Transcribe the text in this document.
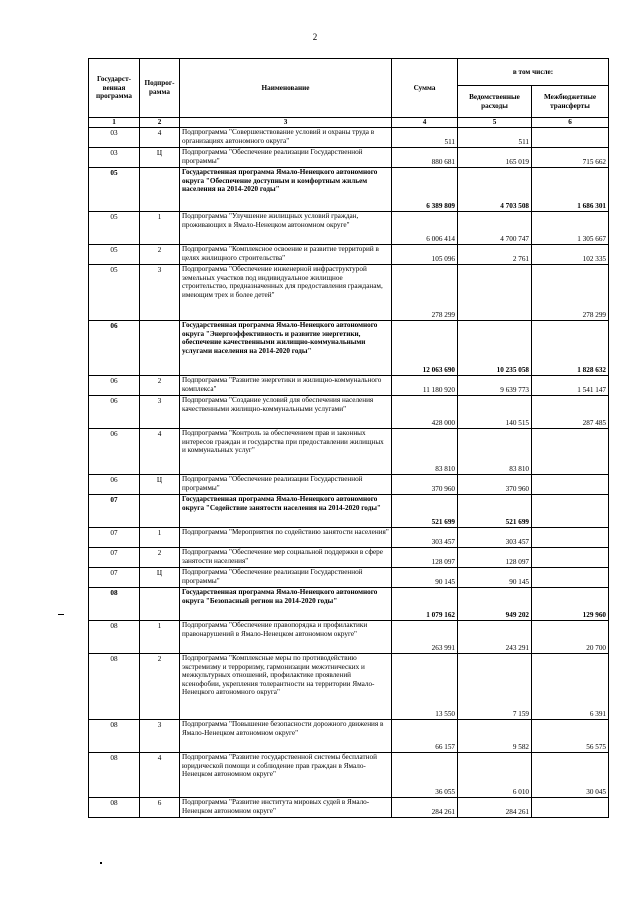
2
Государст-венная программа	Подпрог-рамма	Наименование	Сумма	в том числе:	
				Ведомственные расходы	Межбюджетные трансферты
1	2	3	4	5	6
03	4	Подпрограмма "Совершенствование условий и охраны труда в организациях автономного округа"	511	511	
03	Ц	Подпрограмма "Обеспечение реализации Государственной программы"	880 681	165 019	715 662
05		Государственная программа Ямало-Ненецкого автономного округа "Обеспечение доступным и комфортным жильем населения на 2014-2020 годы"	6 389 809	4 703 508	1 686 301
05	1	Подпрограмма "Улучшение жилищных условий граждан, проживающих в Ямало-Ненецком автономном округе"	6 006 414	4 700 747	1 305 667
05	2	Подпрограмма "Комплексное освоение и развитие территорий в целях жилищного строительства"	105 096	2 761	102 335
05	3	Подпрограмма "Обеспечение инженерной инфраструктурой земельных участков под индивидуальное жилищное строительство, предназначенных для предоставления гражданам, имеющим трех и более детей"	278 299		278 299
06		Государственная программа Ямало-Ненецкого автономного округа "Энергоэффективность и развитие энергетики, обеспечение качественными жилищно-коммунальными услугами населения на 2014-2020 годы"	12 063 690	10 235 058	1 828 632
06	2	Подпрограмма "Развитие энергетики и жилищно-коммунального комплекса"	11 180 920	9 639 773	1 541 147
06	3	Подпрограмма "Создание условий для обеспечения населения качественными жилищно-коммунальными услугами"	428 000	140 515	287 485
06	4	Подпрограмма "Контроль за обеспечением прав и законных интересов граждан и государства при предоставлении жилищных и коммунальных услуг"	83 810	83 810	
06	Ц	Подпрограмма "Обеспечение реализации Государственной программы"	370 960	370 960	
07		Государственная программа Ямало-Ненецкого автономного округа "Содействие занятости населения на 2014-2020 годы"	521 699	521 699	
07	1	Подпрограмма "Мероприятия по содействию занятости населения"	303 457	303 457	
07	2	Подпрограмма "Обеспечение мер социальной поддержки в сфере занятости населения"	128 097	128 097	
07	Ц	Подпрограмма "Обеспечение реализации Государственной программы"	90 145	90 145	
08		Государственная программа Ямало-Ненецкого автономного округа "Безопасный регион на 2014-2020 годы"	1 079 162	949 202	129 960
08	1	Подпрограмма "Обеспечение правопорядка и профилактики правонарушений в Ямало-Ненецком автономном округе"	263 991	243 291	20 700
08	2	Подпрограмма "Комплексные меры по противодействию экстремизму и терроризму, гармонизации межэтнических и межкультурных отношений, профилактике проявлений ксенофобии, укрепления толерантности на территории Ямало-Ненецкого автономного округа"	13 550	7 159	6 391
08	3	Подпрограмма "Повышение безопасности дорожного движения в Ямало-Ненецком автономном округе"	66 157	9 582	56 575
08	4	Подпрограмма "Развитие государственной системы бесплатной юридической помощи и соблюдение прав граждан в Ямало-Ненецком автономном округе"	36 055	6 010	30 045
08	6	Подпрограмма "Развитие института мировых судей в Ямало-Ненецком автономном округе"	284 261	284 261	
